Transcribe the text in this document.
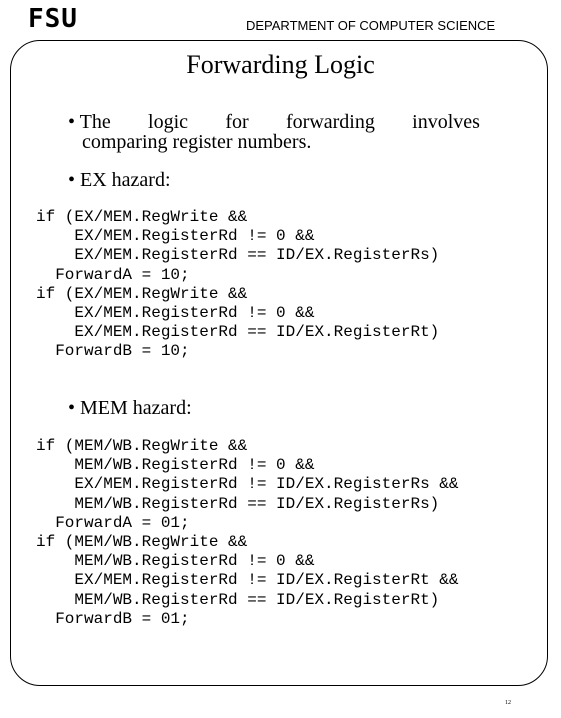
FSU	DEPARTMENT OF COMPUTER SCIENCE
Forwarding Logic
• The logic for forwarding involves
comparing register numbers.
• EX hazard:
if (EX/MEM.RegWrite &&
EX/MEM.RegisterRd != 0 &&
EX/MEM.RegisterRd == ID/EX.RegisterRs)
ForwardA = 10;
if (EX/MEM.RegWrite &&
EX/MEM.RegisterRd != 0 &&
EX/MEM.RegisterRd == ID/EX.RegisterRt)
ForwardB = 10;
• MEM hazard:
if (MEM/WB.RegWrite &&
MEM/WB.RegisterRd != 0 &&
EX/MEM.RegisterRd != ID/EX.RegisterRs &&
MEM/WB.RegisterRd == ID/EX.RegisterRs)
ForwardA = 01;
if (MEM/WB.RegWrite &&
MEM/WB.RegisterRd != 0 &&
EX/MEM.RegisterRd != ID/EX.RegisterRt &&
MEM/WB.RegisterRd == ID/EX.RegisterRt)
ForwardB = 01;
12
